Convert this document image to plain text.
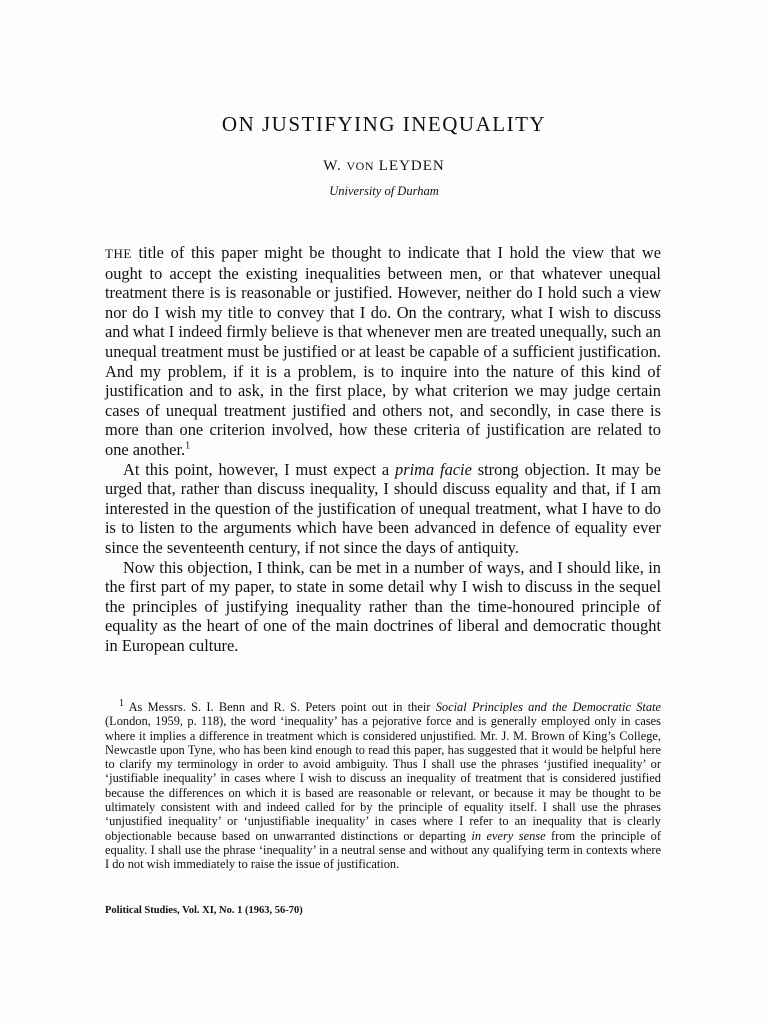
ON JUSTIFYING INEQUALITY

W. VON LEYDEN

University of Durham

THE title of this paper might be thought to indicate that I hold the view that we ought to accept the existing inequalities between men, or that whatever unequal treatment there is is reasonable or justified. However, neither do I hold such a view nor do I wish my title to convey that I do. On the contrary, what I wish to discuss and what I indeed firmly believe is that whenever men are treated unequally, such an unequal treatment must be justified or at least be capable of a sufficient justification. And my problem, if it is a problem, is to inquire into the nature of this kind of justification and to ask, in the first place, by what criterion we may judge certain cases of unequal treatment justified and others not, and secondly, in case there is more than one criterion involved, how these criteria of justification are related to one another.$^1$

At this point, however, I must expect a prima facie strong objection. It may be urged that, rather than discuss inequality, I should discuss equality and that, if I am interested in the question of the justification of unequal treatment, what I have to do is to listen to the arguments which have been advanced in defence of equality ever since the seventeenth century, if not since the days of antiquity.

Now this objection, I think, can be met in a number of ways, and I should like, in the first part of my paper, to state in some detail why I wish to discuss in the sequel the principles of justifying inequality rather than the time-honoured principle of equality as the heart of one of the main doctrines of liberal and democratic thought in European culture.

$^1$ As Messrs. S. I. Benn and R. S. Peters point out in their Social Principles and the Democratic State (London, 1959, p. 118), the word ‘inequality’ has a pejorative force and is generally employed only in cases where it implies a difference in treatment which is considered unjustified. Mr. J. M. Brown of King’s College, Newcastle upon Tyne, who has been kind enough to read this paper, has suggested that it would be helpful here to clarify my terminology in order to avoid ambiguity. Thus I shall use the phrases ‘justified inequality’ or ‘justifiable inequality’ in cases where I wish to discuss an inequality of treatment that is considered justified because the differences on which it is based are reasonable or relevant, or because it may be thought to be ultimately consistent with and indeed called for by the principle of equality itself. I shall use the phrases ‘unjustified inequality’ or ‘unjustifiable inequality’ in cases where I refer to an inequality that is clearly objectionable because based on unwarranted distinctions or departing in every sense from the principle of equality. I shall use the phrase ‘inequality’ in a neutral sense and without any qualifying term in contexts where I do not wish immediately to raise the issue of justification.

Political Studies, Vol. XI, No. 1 (1963, 56-70)
